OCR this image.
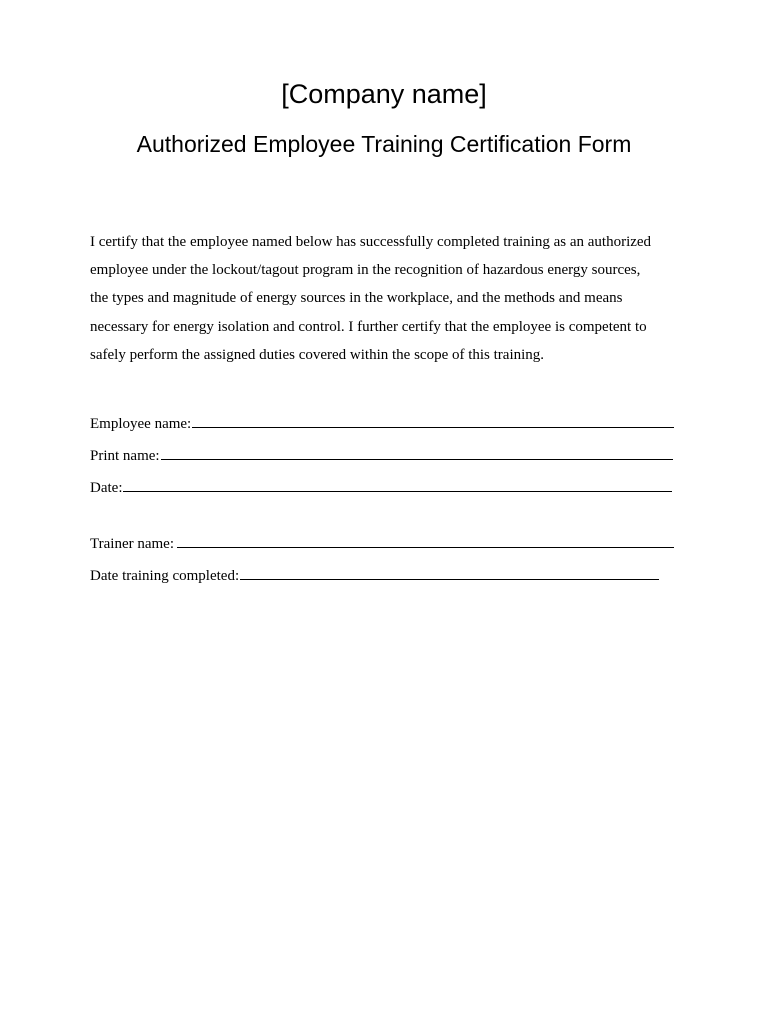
[Company name]
Authorized Employee Training Certification Form

I certify that the employee named below has successfully completed training as an authorized
employee under the lockout/tagout program in the recognition of hazardous energy sources,
the types and magnitude of energy sources in the workplace, and the methods and means
necessary for energy isolation and control. I further certify that the employee is competent to
safely perform the assigned duties covered within the scope of this training.

Employee name:
Print name:
Date:
Trainer name:
Date training completed:
